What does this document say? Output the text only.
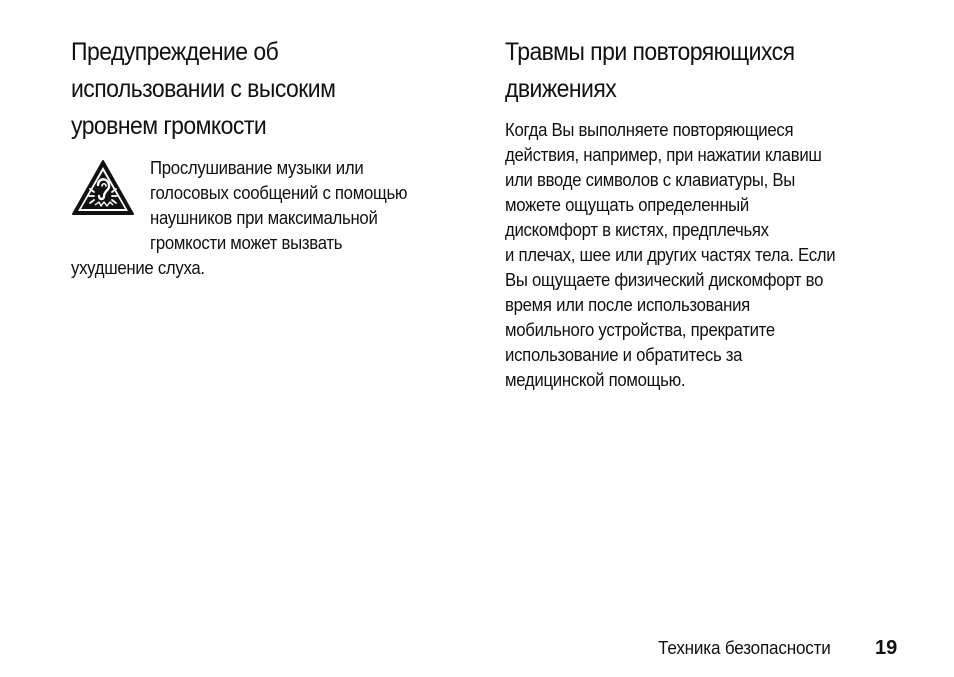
Предупреждение об
использовании с высоким
уровнем громкости
Прослушивание музыки или
голосовых сообщений с помощью
наушников при максимальной
громкости может вызвать
ухудшение слуха.
Травмы при повторяющихся
движениях
Когда Вы выполняете повторяющиеся
действия, например, при нажатии клавиш
или вводе символов с клавиатуры, Вы
можете ощущать определенный
дискомфорт в кистях, предплечьях
и плечах, шее или других частях тела. Если
Вы ощущаете физический дискомфорт во
время или после использования
мобильного устройства, прекратите
использование и обратитесь за
медицинской помощью.
Техника безопасности 19
